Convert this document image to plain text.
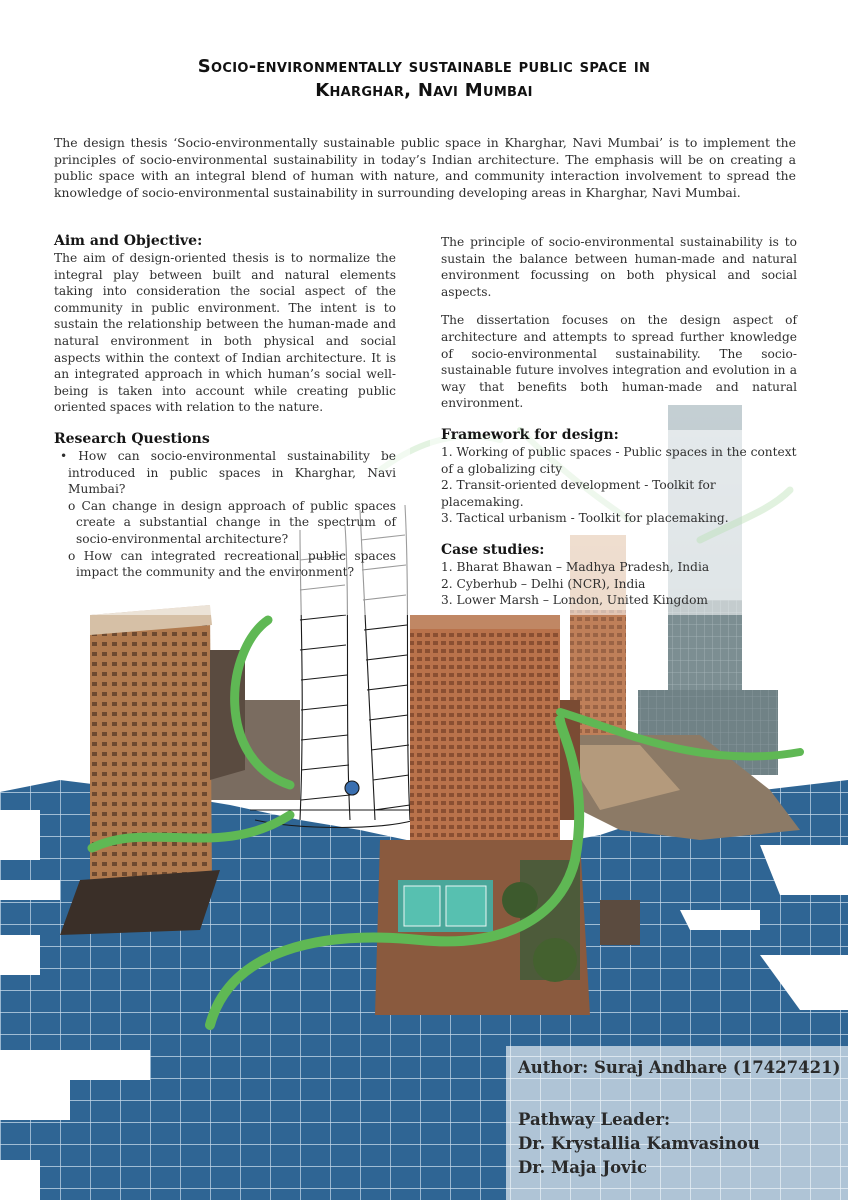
Socio-environmentally sustainable public space in
Kharghar, Navi Mumbai

The design thesis ‘Socio-environmentally sustainable public space in Kharghar, Navi Mumbai’ is to implement the principles of socio-environmental sustainability in today’s Indian architecture. The emphasis will be on creating a public space with an integral blend of human with nature, and community interaction involvement to spread the knowledge of socio-environmental sustainability in surrounding developing areas in Kharghar, Navi Mumbai.

Aim and Objective:

The aim of design-oriented thesis is to normalize the integral play between built and natural elements taking into consideration the social aspect of the community in public environment. The intent is to sustain the relationship between the human-made and natural environment in both physical and social aspects within the context of Indian architecture. It is an integrated approach in which human’s social well-being is taken into account while creating public oriented spaces with relation to the nature.

Research Questions
• How can socio-environmental sustainability be introduced in public spaces in Kharghar, Navi Mumbai?
o Can change in design approach of public spaces create a substantial change in the spectrum of socio-environmental architecture?
o How can integrated recreational public spaces impact the community and the environment?

The principle of socio-environmental sustainability is to sustain the balance between human-made and natural environment focussing on both physical and social aspects.

The dissertation focuses on the design aspect of architecture and attempts to spread further knowledge of socio-environmental sustainability. The socio-sustainable future involves integration and evolution in a way that benefits both human-made and natural environment.

Framework for design:
1. Working of public spaces - Public spaces in the context of a globalizing city
2. Transit-oriented development - Toolkit for placemaking.
3. Tactical urbanism - Toolkit for placemaking.
Case studies:
1. Bharat Bhawan – Madhya Pradesh, India
2. Cyberhub – Delhi (NCR), India
3. Lower Marsh – London, United Kingdom
Author: Suraj Andhare (17427421)
Pathway Leader:
Dr. Krystallia Kamvasinou
Dr. Maja Jovic
